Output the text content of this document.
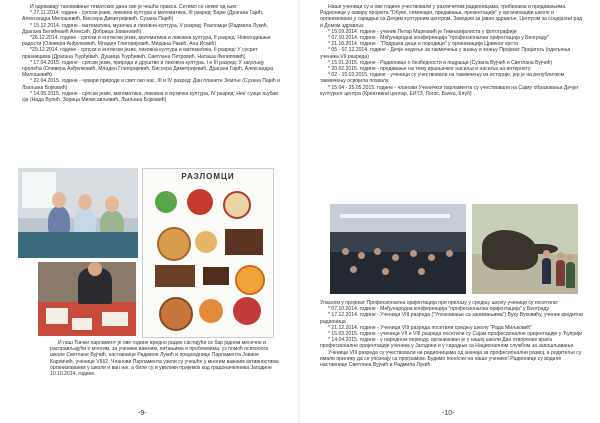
И одржавају тановавање тематских дана све је чешћа пракса. Сетимо се неких од њих:

* 27.11.2014. године - српски језик, ликовна култура и математика, III разред: Бајке (Драгана Гајић, Александра Милошевић, Биссера Димитријевић, Сузана Пајић)

* 15.12.2014. године - математика, музичка и ликовна култура, V разред: Разломци (Радмила Лукић, Драгана Белићевић Алексић, Добрица Јовановић)

*26.12.2014. године - српски и енглески језик, математика и ликовна култура, II разред: Новогодишње радости (Оливера Анђелковић, Младен Глигоријевић, Мирјана Ракић, Ана Исаић)

*29.12.2014. године - српски и енглески језик, ликовна култура и математика, II разред: У сусрет празницима (Драгана Ђурђевић, Душица Ђурђевић, Светлана Петровић, Наташа Филиповић)

* 17.04.2015. године - српски језик, природа и друштво и ликовна култура, I и III разред: У загрљају пролећа (Оливера Анђелковић, Младен Глигоријевић, Биссера Димитријевић, Драгана Гајић, Александра Милошевић)

* 22.04.2015. године - чувари природе и свет око нас, III и IV разред: Дан планете Земље (Сузана Пајић и Љиљана Бојковић)

* 14.05.2015. године - српски језик, математика, ликовна и музичка култура, IV разред: Нек' сунце љубав сја (Нада Вулић, Зорица Милисављевић, Љиљана Бојковић)

РАЗЛОМЦИ

И наш Ђачки парламент је ове године вредно радио састајући се бар једном месечно и расправљајући о многим, за ученике важним, питањима и проблемима, уз помоћ психолога школе Светлане Вујчић, наставнице Радмиле Лукић и председнице Парламента Јоване Карличић, ученице VIII/2. Чланови Парламента узели су учешће у многим важним активностима организованим у школи и ван ње, а били су и увелики пријемок код градоначелника Јагодине 10.10.2014. године.

-9-

Наши ученици су и ове године учествовали у различитим радионицама, трибинама и предавањима. Радионице у оквиру пројекта "Обуке, семинари, предавања, презентације" у организацији школе и организовани у сарадњи са Дечјим културним центром, Заводом за јавно здравље, Центром за социјални рад и Домом здравља:

* 15.09.2014. године - ученик Петар Марковић је Гимназијалиста у фотографији

* 07.10.2014. године - Међународна конференција "професионална оријентација у Београду"

* 21.10.2014. године - "Подршка деци и породици" у организацији Црвеног крста

* 05 - 07.12.2014. године - Дечје недеље за такмичења у знању и знању Пројекат Пријатељ (одељења ученика VII разреда)

* 15.01.2015. године - Радионице о безбедности и подршци (Сузана Вујчић и Светлана Вујчић)

* 20.02.2015. године - предавање на тему вршњачког насиља и насиља на интернету

* 02 - 15.03.2015. године - ученици су учествовали на такмичењу из историје, јер је на републичком такмичењу освојила похвалу.

* 15.04 - 25.05.2015. године - чланови Ученичког парламента су учествовали на Сајму образовања Дечјег културног центра (Креативни центар, ЕИТЗ, Логос, Бачка, Клуб)

Уласком у пројекат Професионална оријентација при прелазу у средњу школу ученици су посетили:

* 07.10.2014. године - Међународна конференција "професионална оријентација" у Београду

* 17.12.2014. године - Ученици VIII разреда ("Упознавање са занимањима") Вуку Вуковићу, ученик кредитни радионица

* 21.12.2014. године - Ученици VIII разреда посетили средњу школу "Рада Миљковић"

* 15.03.2015. године - ученици VII и VIII разреда посетили су Сајам професионалне оријентације у Ћуприји

* 14.04.2015. године - у наредном периоду, организован је у нашој школи Дан отворених врата професионалне оријентације ученика у Јагодини и у сарадњи са Националном службом за запошљавање.

Ученици VIII разреда су учествовали на радионицама од значаја за професионални развој, а родитељи су имали прилику да се упознају са програмом. Будимо поносни на наше ученике! Радионице су водиле наставнице Светлана Вујчић и Радмила Лукић.

-10-
